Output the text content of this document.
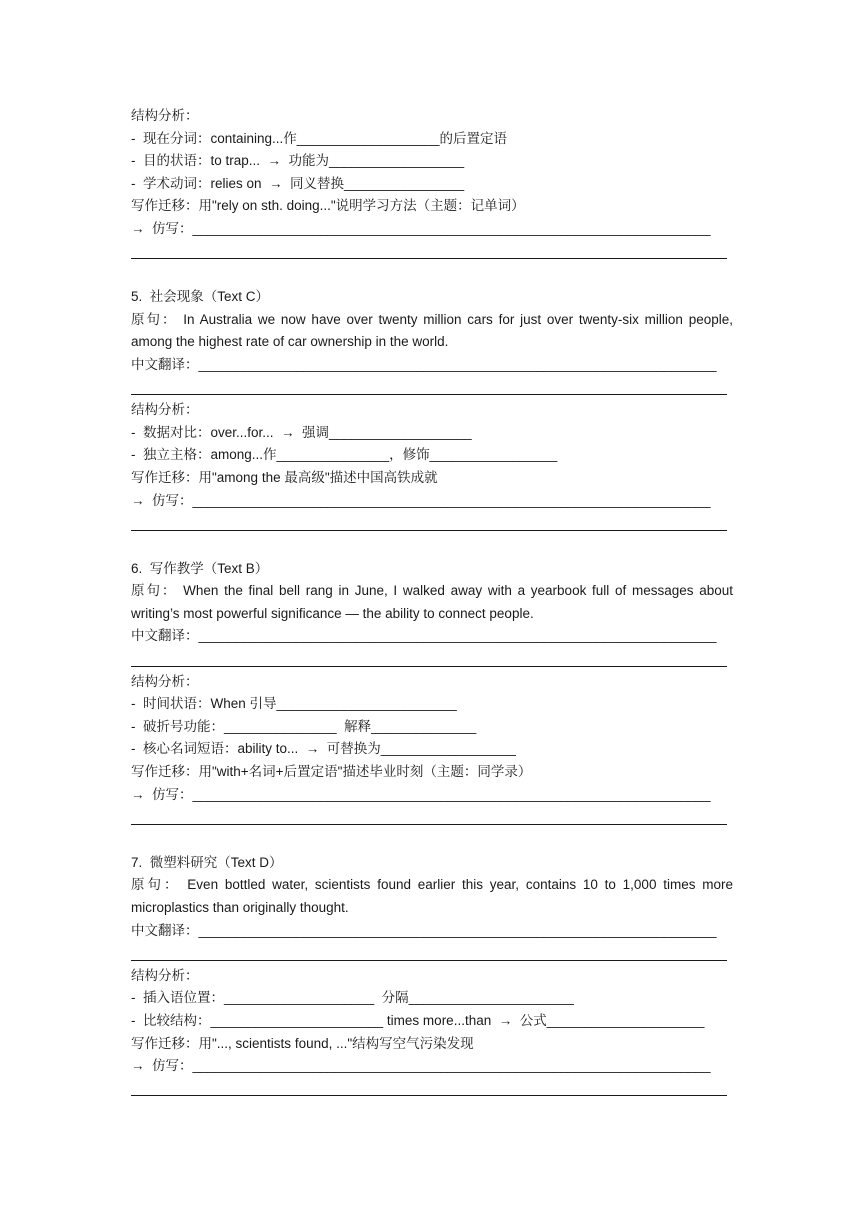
结构分析：
-  现在分词：containing...作___________________的后置定语
-  目的状语：to trap...  →  功能为__________________
-  学术动词：relies on  →  同义替换________________
写作迁移：用"rely on sth. doing..."说明学习方法（主题：记单词）
→  仿写：_____________________________________________________________________
5.  社会现象（Text C）
原句： In Australia we now have over twenty million cars for just over twenty-six million people, among the highest rate of car ownership in the world.
中文翻译：_____________________________________________________________________
结构分析：
-  数据对比：over...for...  →  强调___________________
-  独立主格：among...作_______________，修饰_________________
写作迁移：用"among the 最高级"描述中国高铁成就
→  仿写：_____________________________________________________________________
6.  写作教学（Text B）
原句： When the final bell rang in June, I walked away with a yearbook full of messages about writing’s most powerful significance — the ability to connect people.
中文翻译：_____________________________________________________________________
结构分析：
-  时间状语：When 引导________________________
-  破折号功能：_______________  解释______________
-  核心名词短语：ability to...  →  可替换为__________________
写作迁移：用"with+名词+后置定语"描述毕业时刻（主题：同学录）
→  仿写：_____________________________________________________________________
7.  微塑料研究（Text D）
原句： Even bottled water, scientists found earlier this year, contains 10 to 1,000 times more microplastics than originally thought.
中文翻译：_____________________________________________________________________
结构分析：
-  插入语位置：____________________  分隔______________________
-  比较结构：_______________________ times more...than  →  公式_____________________
写作迁移：用"..., scientists found, ..."结构写空气污染发现
→  仿写：_____________________________________________________________________
